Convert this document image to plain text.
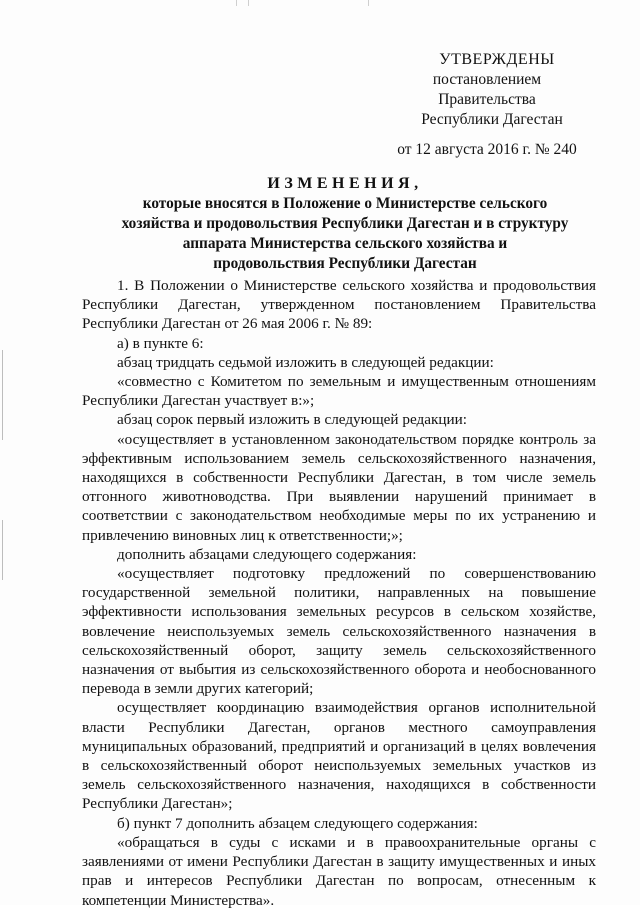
УТВЕРЖДЕНЫ
постановлением Правительства
Республики Дагестан
от 12 августа 2016 г. № 240
ИЗМЕНЕНИЯ,
которые вносятся в Положение о Министерстве сельского
хозяйства и продовольствия Республики Дагестан и в структуру
аппарата Министерства сельского хозяйства и
продовольствия Республики Дагестан

1. В Положении о Министерстве сельского хозяйства и продовольствия Республики Дагестан, утвержденном постановлением Правительства Республики Дагестан от 26 мая 2006 г. № 89:

а) в пункте 6:

абзац тридцать седьмой изложить в следующей редакции:

«совместно с Комитетом по земельным и имущественным отношениям Республики Дагестан участвует в:»;

абзац сорок первый изложить в следующей редакции:

«осуществляет в установленном законодательством порядке контроль за эффективным использованием земель сельскохозяйственного назначения, находящихся в собственности Республики Дагестан, в том числе земель отгонного животноводства. При выявлении нарушений принимает в соответствии с законодательством необходимые меры по их устранению и привлечению виновных лиц к ответственности;»;

дополнить абзацами следующего содержания:

«осуществляет подготовку предложений по совершенствованию государственной земельной политики, направленных на повышение эффективности использования земельных ресурсов в сельском хозяйстве, вовлечение неиспользуемых земель сельскохозяйственного назначения в сельскохозяйственный оборот, защиту земель сельскохозяйственного назначения от выбытия из сельскохозяйственного оборота и необоснованного перевода в земли других категорий;

осуществляет координацию взаимодействия органов исполнительной власти Республики Дагестан, органов местного самоуправления муниципальных образований, предприятий и организаций в целях вовлечения в сельскохозяйственный оборот неиспользуемых земельных участков из земель сельскохозяйственного назначения, находящихся в собственности Республики Дагестан»;

б) пункт 7 дополнить абзацем следующего содержания:

«обращаться в суды с исками и в правоохранительные органы с заявлениями от имени Республики Дагестан в защиту имущественных и иных прав и интересов Республики Дагестан по вопросам, отнесенным к компетенции Министерства».
